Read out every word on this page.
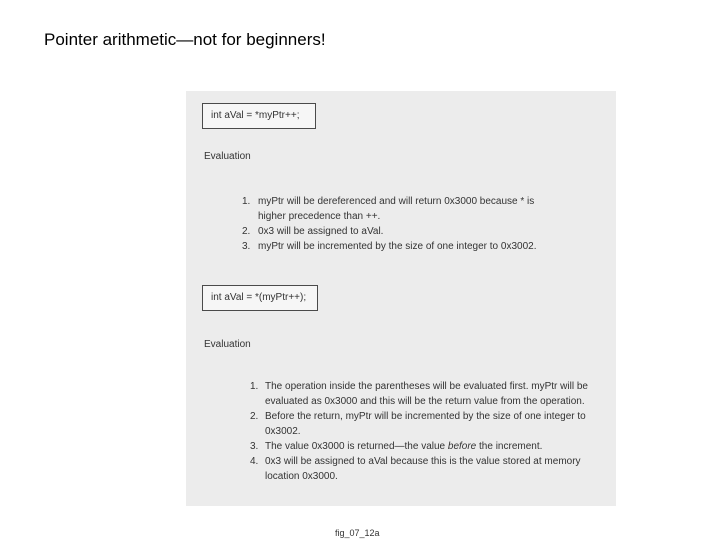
Pointer arithmetic—not for beginners!
int aVal = *myPtr++;
Evaluation
1. myPtr will be dereferenced and will return 0x3000 because * is higher precedence than ++.
2. 0x3 will be assigned to aVal.
3. myPtr will be incremented by the size of one integer to 0x3002.
int aVal = *(myPtr++);
Evaluation
1. The operation inside the parentheses will be evaluated first. myPtr will be evaluated as 0x3000 and this will be the return value from the operation.
2. Before the return, myPtr will be incremented by the size of one integer to 0x3002.
3. The value 0x3000 is returned—the value before the increment.
4. 0x3 will be assigned to aVal because this is the value stored at memory location 0x3000.
fig_07_12a
